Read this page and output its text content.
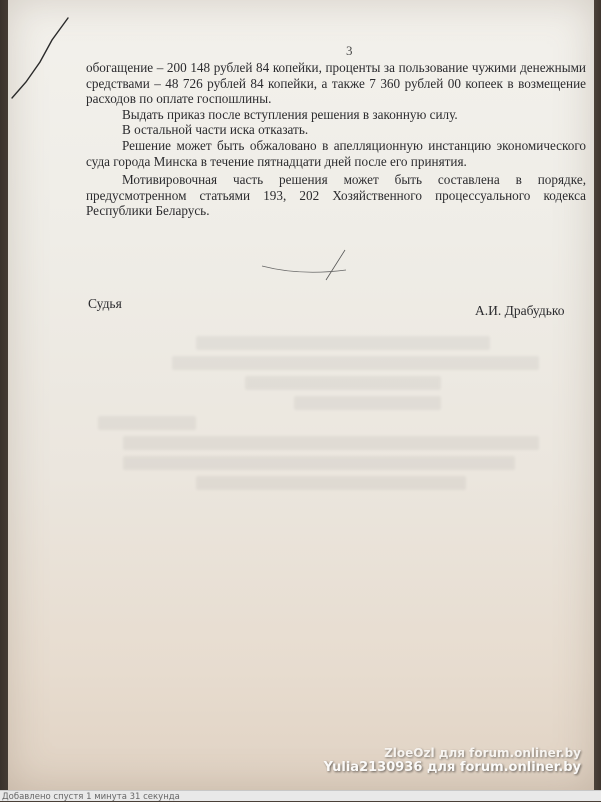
3

обогащение – 200 148 рублей 84 копейки, проценты за пользование чужими денежными средствами – 48 726 рублей 84 копейки, а также 7 360 рублей 00 копеек в возмещение расходов по оплате госпошлины.

Выдать приказ после вступления решения в законную силу.

В остальной части иска отказать.

Решение может быть обжаловано в апелляционную инстанцию экономического суда города Минска в течение пятнадцати дней после его принятия.

Мотивировочная часть решения может быть составлена в порядке, предусмотренном статьями 193, 202 Хозяйственного процессуального кодекса Республики Беларусь.

Судья	А.И. Драбудько
ZloeOzl для forum.onliner.by
Yulia2130936 для forum.onliner.by
Добавлено спустя 1 минута 31 секунда
